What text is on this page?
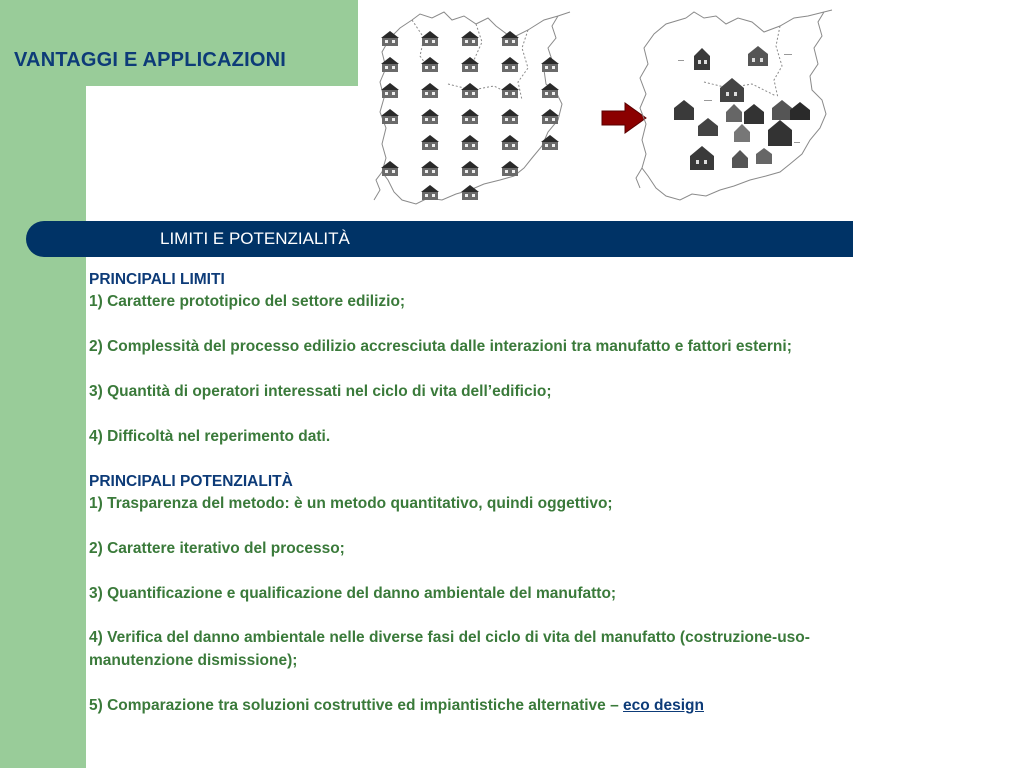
VANTAGGI E APPLICAZIONI
LIMITI E POTENZIALITÀ

PRINCIPALI LIMITI

1) Carattere prototipico del settore edilizio;

2) Complessità del processo edilizio accresciuta dalle interazioni tra manufatto e fattori esterni;

3) Quantità di operatori interessati nel ciclo di vita dell’edificio;

4) Difficoltà nel reperimento dati.

PRINCIPALI POTENZIALITÀ

1) Trasparenza del metodo: è un metodo quantitativo, quindi oggettivo;

2) Carattere iterativo del processo;

3) Quantificazione e qualificazione del danno ambientale del manufatto;

4) Verifica del danno ambientale nelle diverse fasi del ciclo di vita del manufatto (costruzione-uso- manutenzione dismissione);

5) Comparazione tra soluzioni costruttive ed impiantistiche alternative – eco design
